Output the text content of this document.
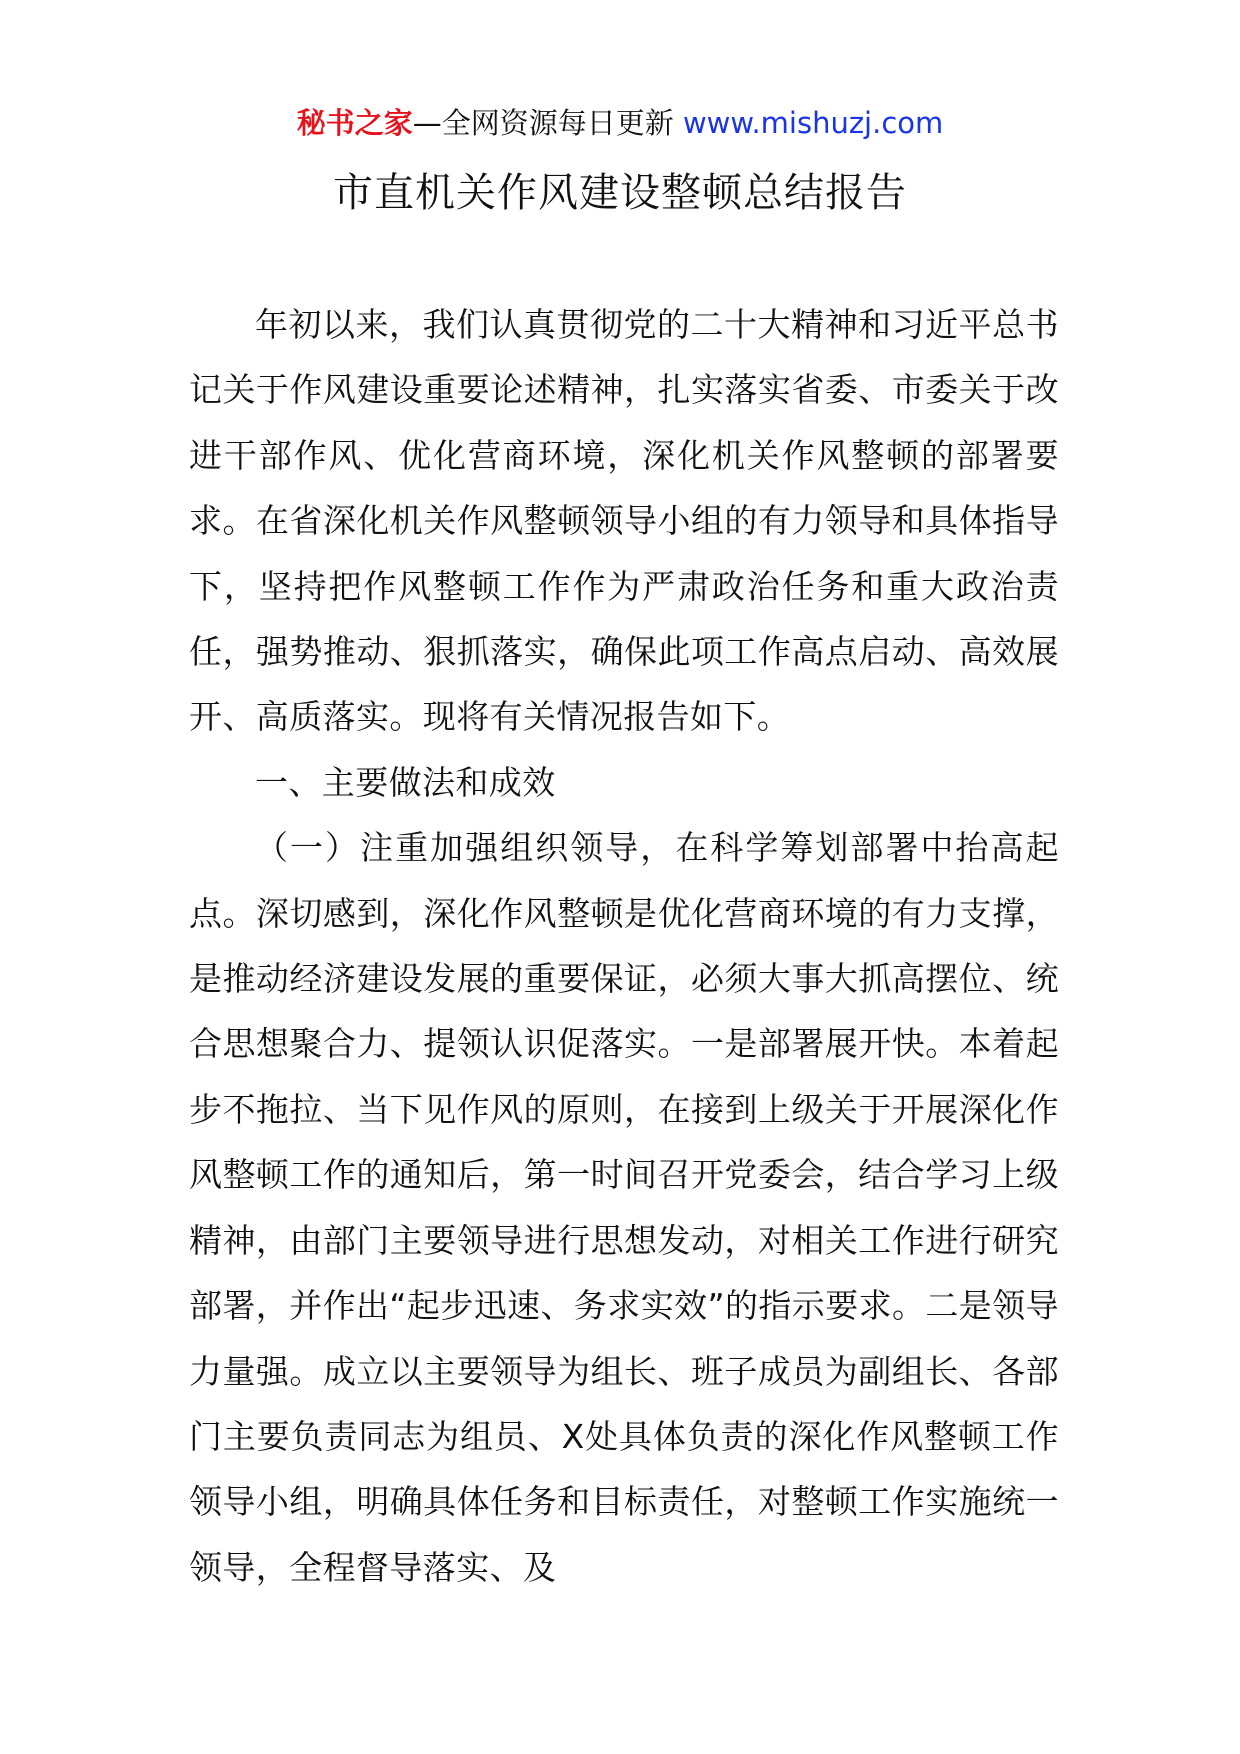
秘书之家—全网资源每日更新 www.mishuzj.com
市直机关作风建设整顿总结报告

年初以来，我们认真贯彻党的二十大精神和习近平总书记关于作风建设重要论述精神，扎实落实省委、市委关于改进干部作风、优化营商环境，深化机关作风整顿的部署要求。在省深化机关作风整顿领导小组的有力领导和具体指导下，坚持把作风整顿工作作为严肃政治任务和重大政治责任，强势推动、狠抓落实，确保此项工作高点启动、高效展开、高质落实。现将有关情况报告如下。

一、主要做法和成效

（一）注重加强组织领导，在科学筹划部署中抬高起点。深切感到，深化作风整顿是优化营商环境的有力支撑，是推动经济建设发展的重要保证，必须大事大抓高摆位、统合思想聚合力、提领认识促落实。一是部署展开快。本着起步不拖拉、当下见作风的原则，在接到上级关于开展深化作风整顿工作的通知后，第一时间召开党委会，结合学习上级精神，由部门主要领导进行思想发动，对相关工作进行研究部署，并作出“起步迅速、务求实效”的指示要求。二是领导力量强。成立以主要领导为组长、班子成员为副组长、各部门主要负责同志为组员、X处具体负责的深化作风整顿工作领导小组，明确具体任务和目标责任，对整顿工作实施统一领导，全程督导落实、及
